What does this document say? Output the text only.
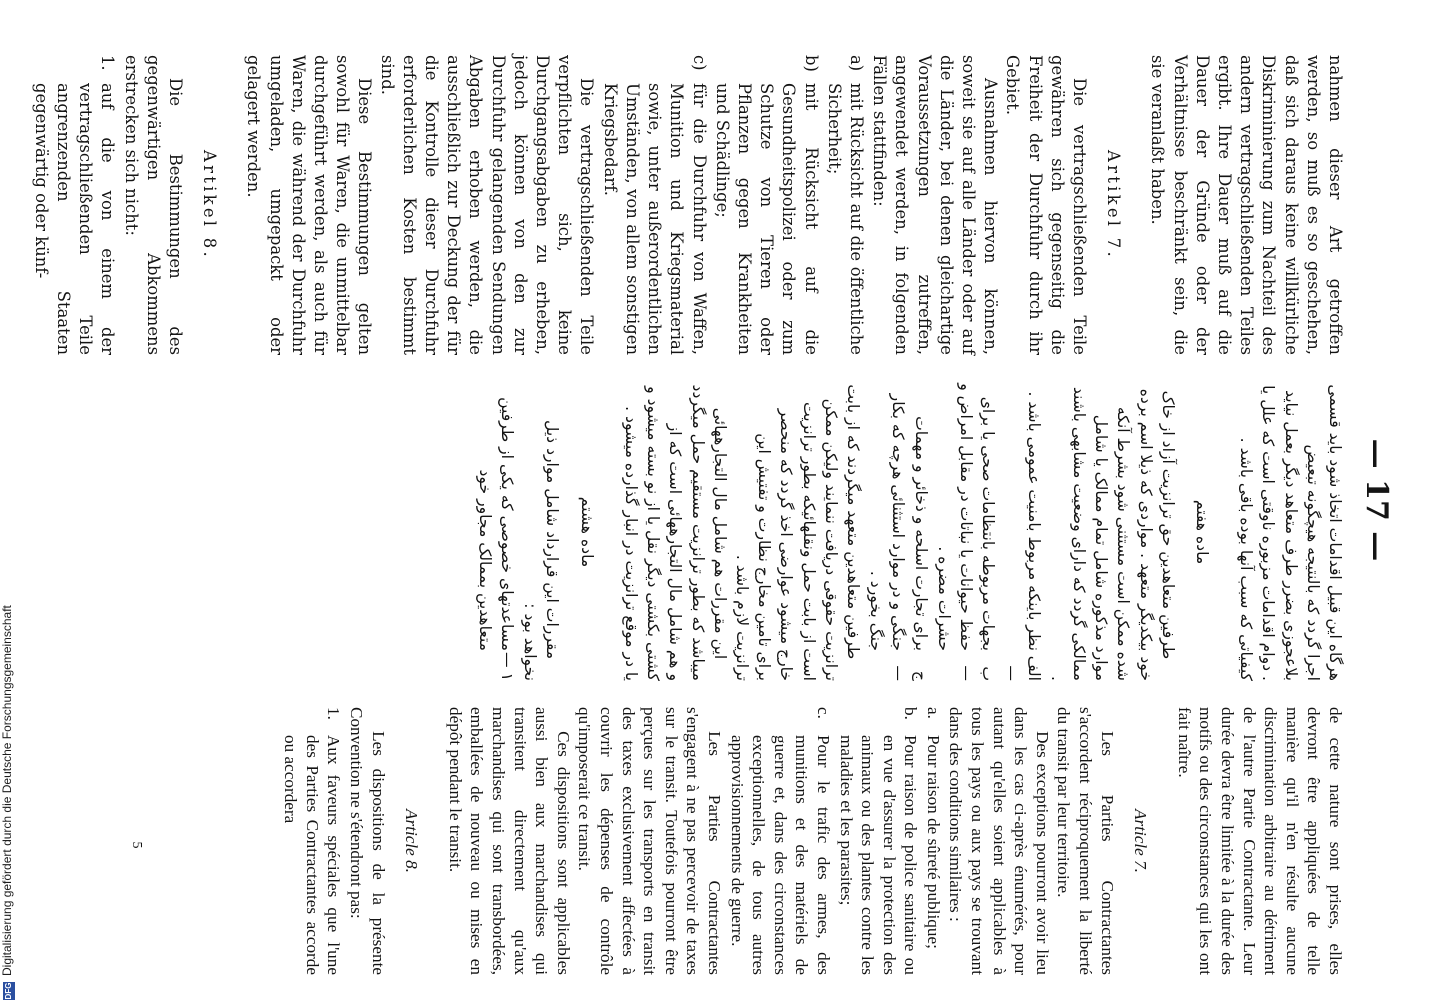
— 17 —

nahmen dieser Art getroffen werden, so muß es so geschehen, daß sich daraus keine willkürliche Diskriminierung zum Nachteil des andern vertragschließenden Teiles ergibt. Ihre Dauer muß auf die Dauer der Gründe oder der Verhältnisse beschränkt sein, die sie veranlaßt haben.

Artikel 7.

Die vertragschließenden Teile gewähren sich gegenseitig die Freiheit der Durchfuhr durch ihr Gebiet.

Ausnahmen hiervon können, soweit sie auf alle Länder oder auf die Länder, bei denen gleichartige Voraussetzungen zutreffen, angewendet werden, in folgenden Fällen stattfinden:

a)
mit Rücksicht auf die öffentliche Sicherheit;
b)
mit Rücksicht auf die Gesundheitspolizei oder zum Schutze von Tieren oder Pflanzen gegen Krankheiten und Schädlinge;
c)
für die Durchfuhr von Waffen, Munition und Kriegsmaterial sowie, unter außerordentlichen Umständen, von allem sonstigen Kriegsbedarf.

Die vertragschließenden Teile verpflichten sich, keine Durchgangsabgaben zu erheben, jedoch können von den zur Durchfuhr gelangenden Sendungen Abgaben erhoben werden, die ausschließlich zur Deckung der für die Kontrolle dieser Durchfuhr erforderlichen Kosten bestimmt sind.

Diese Bestimmungen gelten sowohl für Waren, die unmittelbar durchgeführt werden, als auch für Waren, die während der Durchfuhr umgeladen, umgepackt oder gelagert werden.

Artikel 8.

Die Bestimmungen des gegenwärtigen Abkommens erstrecken sich nicht:

1.
auf die von einem der vertragschließenden Teile angrenzenden Staaten gegenwärtig oder künf-

هرگاه این قبیل اقدامات اتخاذ شود باید قسمی اجرا گردد که بالنتیجه هیچگونه تبعیض بلاعجوزی بضرر طرف متعاهد دیگر بعمل نیاید . دوام اقدامات مزبوره ناوقتی است که علل یا کیفیاتی که سبب آنها بوده باقی باشد .

ماده هفتم

طرفین متعاهدین حق ترانزیت آزاد از خاک خود بیکدیگر متعهد . مواردی که ذیلا اسم برده شده ممکن است مستثنی شود بشرط آنکه موارد مذکوره شامل تمام ممالک یا شامل ممالکی گردد که دارای وضعیت مشابهی باشند .

الف —
نظر باینکه مربوط بامنیت عمومی باشد .
ب —
بجهات مربوطه بانتظامات صحی یا برای حفظ حیوانات یا نباتات در مقابل امراض و حشرات مضره .
ج —
برای تجارت اسلحه و ذخائر و مهمات جنگی و در موارد استثنائی هرچه که بکار جنگ بخورد .

طرفین متعاهدین متعهد میگردند که از بابت ترانزیت حقوقی دریافت ننمایند ولیکن ممکن است از بابت حمل ونقلهائیکه بطور ترانزیت خارج میشود عوارضی اخذ گردد که منحصر برای تامین مخارج نظارت و تفتیش این ترانزیت لازم باشد .

این مقررات هم شامل مال التجارههائی میباشد که بطور ترانزیت مستقیم حمل میگردد و هم شامل مال التجارههائی است که از کشتی بکشتی دیگر نقل یا از نو بسته میشود و یا در موقع ترانزیت در انبار گذارده میشود .

ماده هشتم

مقررات این قرارداد شامل موارد ذیل نخواهد بود :

١ —
مساعدتهای خصوصی که یکی از طرفین متعاهدین بممالک مجاور خود

de cette nature sont prises, elles devront être appliquées de telle manière qu'il n'en résulte aucune discrimination arbitraire au détriment de l'autre Partie Contractante. Leur durée devra être limitée à la durée des motifs ou des circonstances qui les ont fait naître.

Article 7.

Les Parties Contractantes s'accordent réciproquement la liberté du transit par leur territoire.

Des exceptions pourront avoir lieu dans les cas ci-après énumérés, pour autant qu'elles soient applicables à tous les pays ou aux pays se trouvant dans des conditions similaires :

a.
Pour raison de sûreté publique;
b.
Pour raison de police sanitaire ou en vue d'assurer la protection des animaux ou des plantes contre les maladies et les parasites;
c.
Pour le trafic des armes, des munitions et des matériels de guerre et, dans des circonstances exceptionnelles, de tous autres approvisionnements de guerre.

Les Parties Contractantes s'engagent à ne pas percevoir de taxes sur le transit. Toutefois pourront être perçues sur les transports en transit des taxes exclusivement affectées à couvrir les dépenses de contrôle qu'imposerait ce transit.

Ces dispositions sont applicables aussi bien aux marchandises qui transitent directement qu'aux marchandises qui sont transbordées, emballées de nouveau ou mises en dépôt pendant le transit.

Article 8.

Les dispositions de la présente Convention ne s'étendront pas:

1.
Aux faveurs spéciales que l'une des Parties Contractantes accorde ou accordera
5
DFGDigitalisierung gefördert durch die Deutsche Forschungsgemeinschaft
